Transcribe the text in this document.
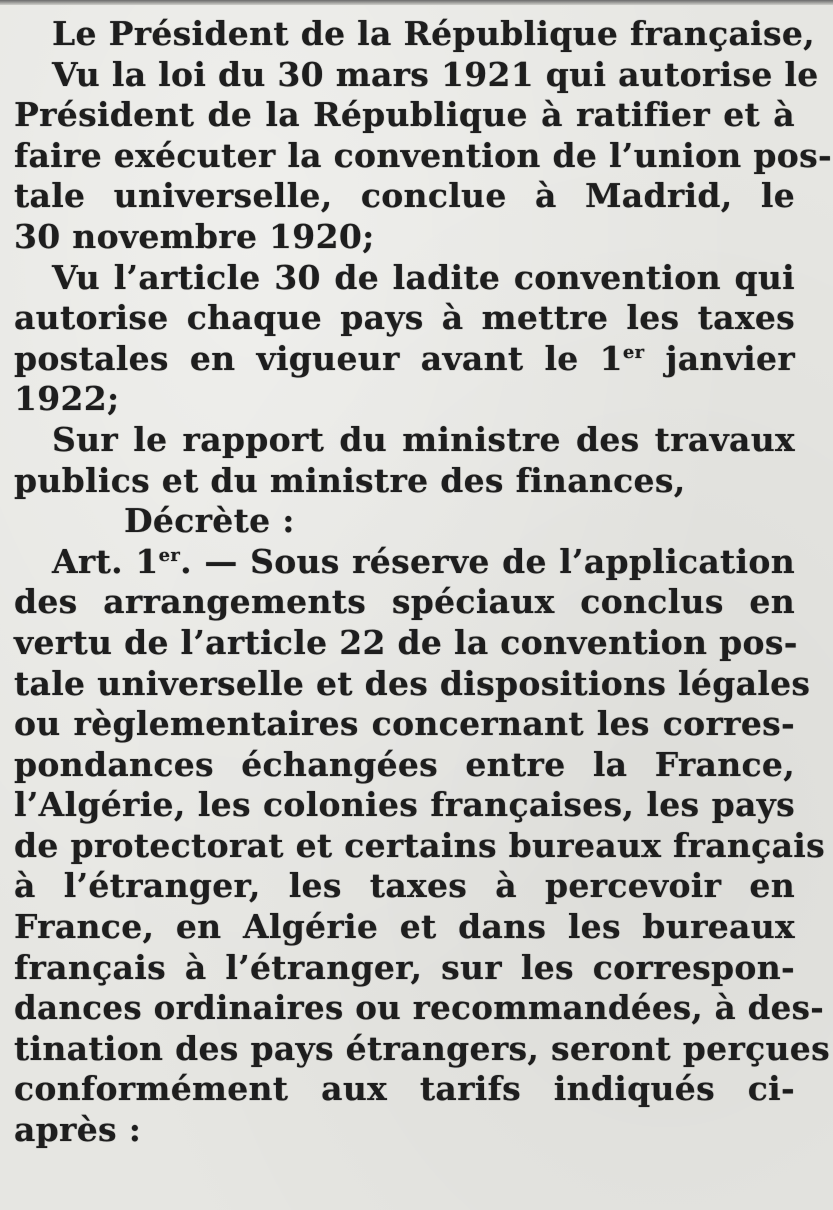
Le Président de la République française,
Vu la loi du 30 mars 1921 qui autorise le
Président de la République à ratifier et à
faire exécuter la convention de l’union pos-
tale universelle, conclue à Madrid, le
30 novembre 1920;
Vu l’article 30 de ladite convention qui
autorise chaque pays à mettre les taxes
postales en vigueur avant le 1er janvier
1922;
Sur le rapport du ministre des travaux
publics et du ministre des finances,
Décrète :
Art. 1er. — Sous réserve de l’application
des arrangements spéciaux conclus en
vertu de l’article 22 de la convention pos-
tale universelle et des dispositions légales
ou règlementaires concernant les corres-
pondances échangées entre la France,
l’Algérie, les colonies françaises, les pays
de protectorat et certains bureaux français
à l’étranger, les taxes à percevoir en
France, en Algérie et dans les bureaux
français à l’étranger, sur les correspon-
dances ordinaires ou recommandées, à des-
tination des pays étrangers, seront perçues
conformément aux tarifs indiqués ci-
après :
